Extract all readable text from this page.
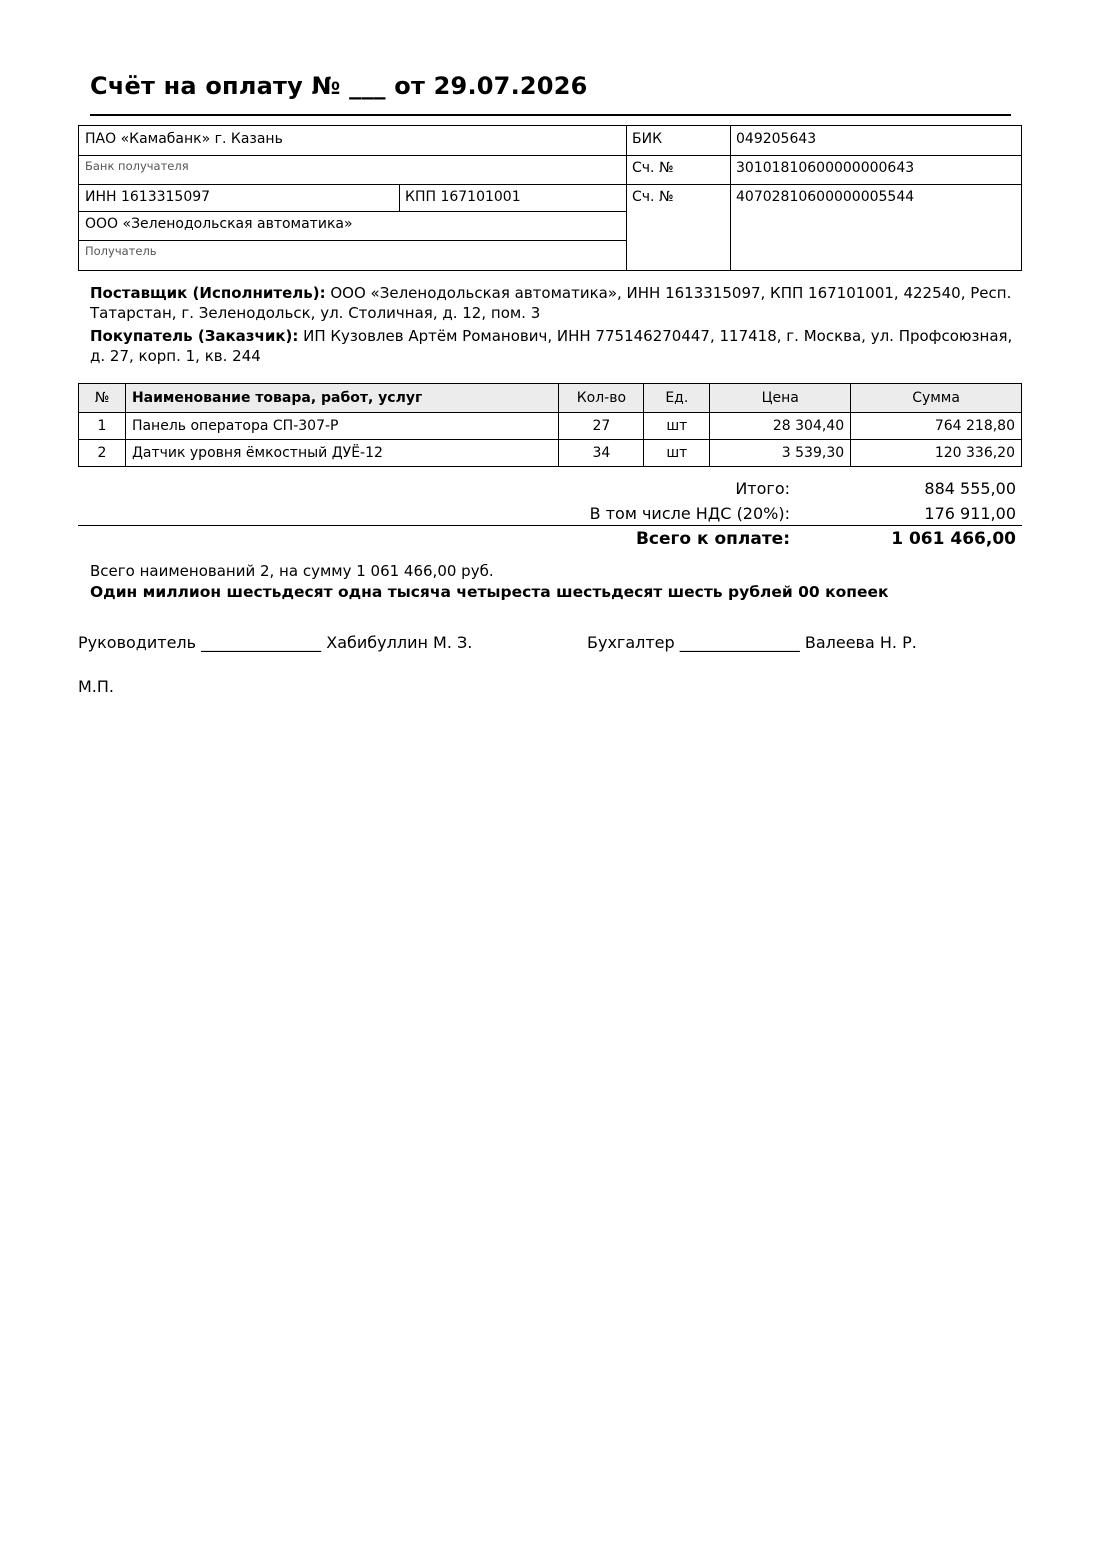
Счёт на оплату № ___ от 29.07.2026
ПАО «Камабанк» г. Казань
Банк получателя
ИНН 1613315097	КПП 167101001
ООО «Зеленодольская автоматика»
Получатель
БИК	049205643
Сч. №	30101810600000000643
Сч. №	40702810600000005544

Поставщик (Исполнитель): ООО «Зеленодольская автоматика», ИНН 1613315097, КПП 167101001, 422540, Респ. Татарстан, г. Зеленодольск, ул. Столичная, д. 12, пом. 3

Покупатель (Заказчик): ИП Кузовлев Артём Романович, ИНН 775146270447, 117418, г. Москва, ул. Профсоюзная, д. 27, корп. 1, кв. 244

№	Наименование товара, работ, услуг	Кол-во	Ед.	Цена	Сумма
1	Панель оператора СП-307-Р	27	шт	28 304,40	764 218,80
2	Датчик уровня ёмкостный ДУЁ-12	34	шт	3 539,30	120 336,20
Итого:	884 555,00
В том числе НДС (20%):	176 911,00
Всего к оплате:	1 061 466,00
Всего наименований 2, на сумму 1 061 466,00 руб.
Один миллион шестьдесят одна тысяча четыреста шестьдесят шесть рублей 00 копеек
Руководитель _______________ Хабибуллин М. З.	Бухгалтер _______________ Валеева Н. Р.
М.П.
